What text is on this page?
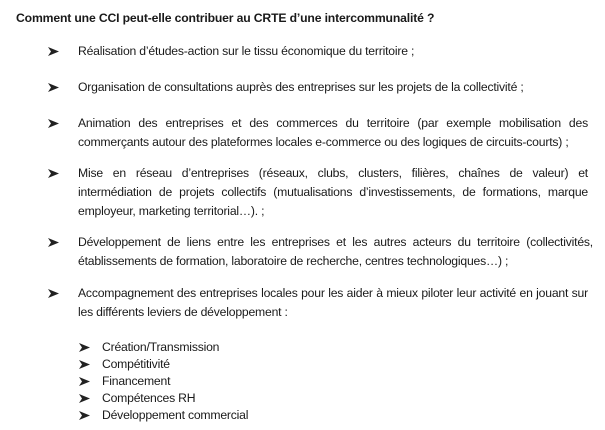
Comment une CCI peut-elle contribuer au CRTE d’une intercommunalité ?
Réalisation d’études-action sur le tissu économique du territoire ;
Organisation de consultations auprès des entreprises sur les projets de la collectivité ;
Animation des entreprises et des commerces du territoire (par exemple mobilisation des commerçants autour des plateformes locales e-commerce ou des logiques de circuits-courts) ;
Mise en réseau d’entreprises (réseaux, clubs, clusters, filières, chaînes de valeur) et intermédiation de projets collectifs (mutualisations d’investissements, de formations, marque employeur, marketing territorial…). ;
Développement de liens entre les entreprises et les autres acteurs du territoire (collectivités, établissements de formation, laboratoire de recherche, centres technologiques…) ;
Accompagnement des entreprises locales pour les aider à mieux piloter leur activité en jouant sur les différents leviers de développement :
Création/Transmission
Compétitivité
Financement
Compétences RH
Développement commercial
